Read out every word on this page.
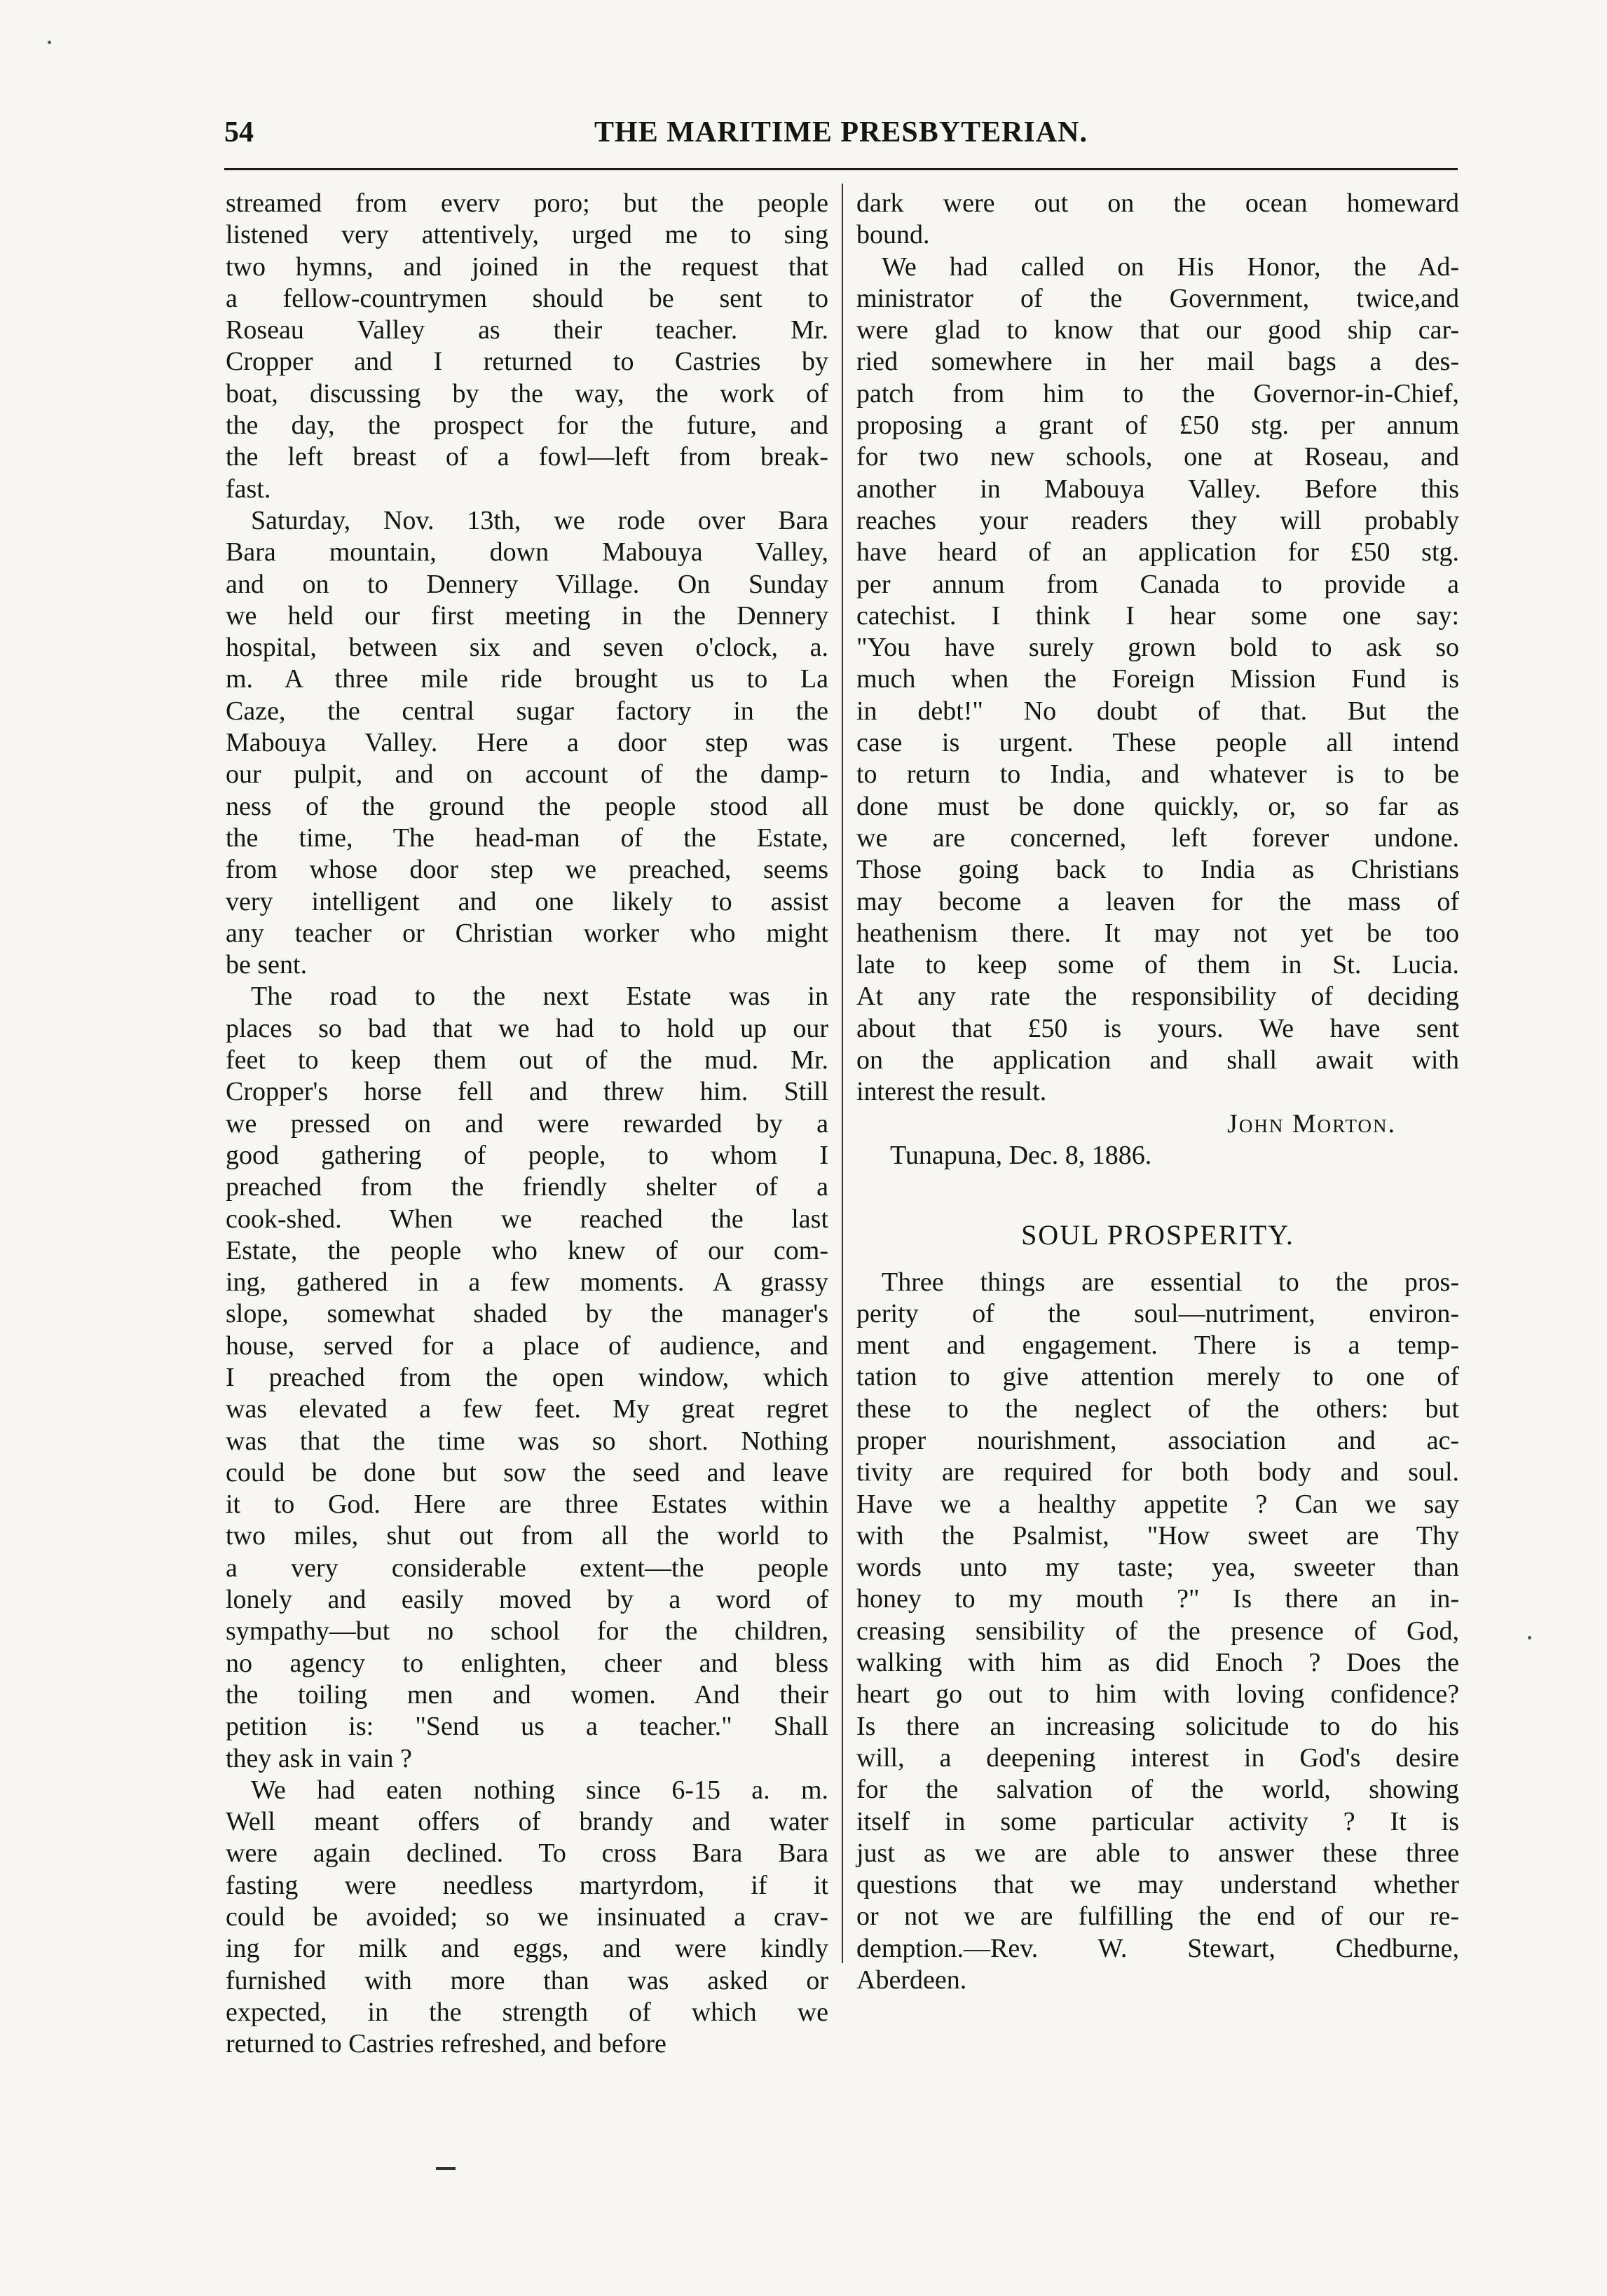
54	THE MARITIME PRESBYTERIAN.
streamed from everv poro; but the people
listened very attentively, urged me to sing
two hymns, and joined in the request that
a fellow-countrymen should be sent to
Roseau Valley as their teacher. Mr.
Cropper and I returned to Castries by
boat, discussing by the way, the work of
the day, the prospect for the future, and
the left breast of a fowl—left from break-
fast.
Saturday, Nov. 13th, we rode over Bara
Bara mountain, down Mabouya Valley,
and on to Dennery Village. On Sunday
we held our first meeting in the Dennery
hospital, between six and seven o'clock, a.
m. A three mile ride brought us to La
Caze, the central sugar factory in the
Mabouya Valley. Here a door step was
our pulpit, and on account of the damp-
ness of the ground the people stood all
the time, The head-man of the Estate,
from whose door step we preached, seems
very intelligent and one likely to assist
any teacher or Christian worker who might
be sent.
The road to the next Estate was in
places so bad that we had to hold up our
feet to keep them out of the mud. Mr.
Cropper's horse fell and threw him. Still
we pressed on and were rewarded by a
good gathering of people, to whom I
preached from the friendly shelter of a
cook-shed. When we reached the last
Estate, the people who knew of our com-
ing, gathered in a few moments. A grassy
slope, somewhat shaded by the manager's
house, served for a place of audience, and
I preached from the open window, which
was elevated a few feet. My great regret
was that the time was so short. Nothing
could be done but sow the seed and leave
it to God. Here are three Estates within
two miles, shut out from all the world to
a very considerable extent—the people
lonely and easily moved by a word of
sympathy—but no school for the children,
no agency to enlighten, cheer and bless
the toiling men and women. And their
petition is: "Send us a teacher." Shall
they ask in vain ?
We had eaten nothing since 6-15 a. m.
Well meant offers of brandy and water
were again declined. To cross Bara Bara
fasting were needless martyrdom, if it
could be avoided; so we insinuated a crav-
ing for milk and eggs, and were kindly
furnished with more than was asked or
expected, in the strength of which we
returned to Castries refreshed, and before
dark were out on the ocean homeward
bound.
We had called on His Honor, the Ad-
ministrator of the Government, twice,and
were glad to know that our good ship car-
ried somewhere in her mail bags a des-
patch from him to the Governor-in-Chief,
proposing a grant of £50 stg. per annum
for two new schools, one at Roseau, and
another in Mabouya Valley. Before this
reaches your readers they will probably
have heard of an application for £50 stg.
per annum from Canada to provide a
catechist. I think I hear some one say:
"You have surely grown bold to ask so
much when the Foreign Mission Fund is
in debt!" No doubt of that. But the
case is urgent. These people all intend
to return to India, and whatever is to be
done must be done quickly, or, so far as
we are concerned, left forever undone.
Those going back to India as Christians
may become a leaven for the mass of
heathenism there. It may not yet be too
late to keep some of them in St. Lucia.
At any rate the responsibility of deciding
about that £50 is yours. We have sent
on the application and shall await with
interest the result.

John Morton.

Tunapuna, Dec. 8, 1886.

SOUL PROSPERITY.
Three things are essential to the pros-
perity of the soul—nutriment, environ-
ment and engagement. There is a temp-
tation to give attention merely to one of
these to the neglect of the others: but
proper nourishment, association and ac-
tivity are required for both body and soul.
Have we a healthy appetite ? Can we say
with the Psalmist, "How sweet are Thy
words unto my taste; yea, sweeter than
honey to my mouth ?" Is there an in-
creasing sensibility of the presence of God,
walking with him as did Enoch ? Does the
heart go out to him with loving confidence?
Is there an increasing solicitude to do his
will, a deepening interest in God's desire
for the salvation of the world, showing
itself in some particular activity ? It is
just as we are able to answer these three
questions that we may understand whether
or not we are fulfilling the end of our re-
demption.—Rev. W. Stewart, Chedburne,
Aberdeen.
